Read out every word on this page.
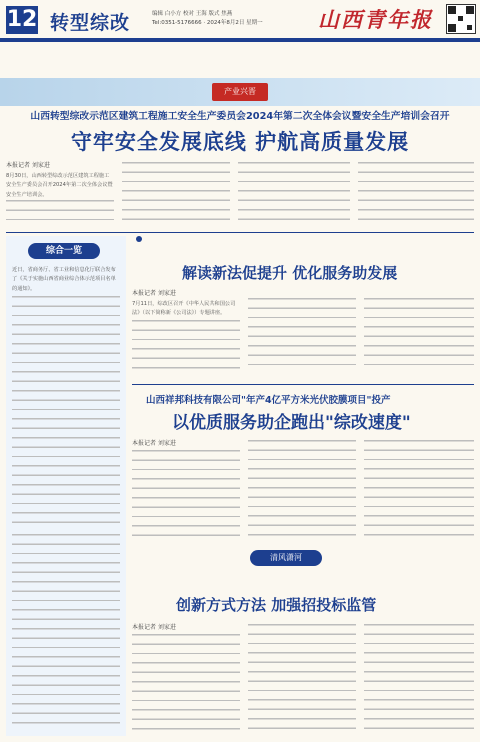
12 转型综改	编辑 白小方 校对 王海 版式 焦燕
Tel:0351-5176666 · 2024年8月2日 星期一	山西青年报
产业兴晋
山西转型综改示范区建筑工程施工安全生产委员会2024年第二次全体会议暨安全生产培训会召开
守牢安全发展底线 护航高质量发展
本报记者 刘家进
8月30日，山西转型综改示范区建筑工程施工安全生产委员会召开2024年第二次全体会议暨安全生产培训会。
综合一览
近日，省商务厅、省工业和信息化厅联合发布了《关于实施山西省商业综合体示范项目名单的通知》。
解读新法促提升 优化服务助发展
本报记者 刘家进
7月11日，综改区召开《中华人民共和国公司法》（以下简称新《公司法》）专题讲座。
山西祥邦科技有限公司"年产4亿平方米光伏胶膜项目"投产
以优质服务助企跑出"综改速度"
本报记者 刘家进
清风潇河
创新方式方法 加强招投标监管
本报记者 刘家进
